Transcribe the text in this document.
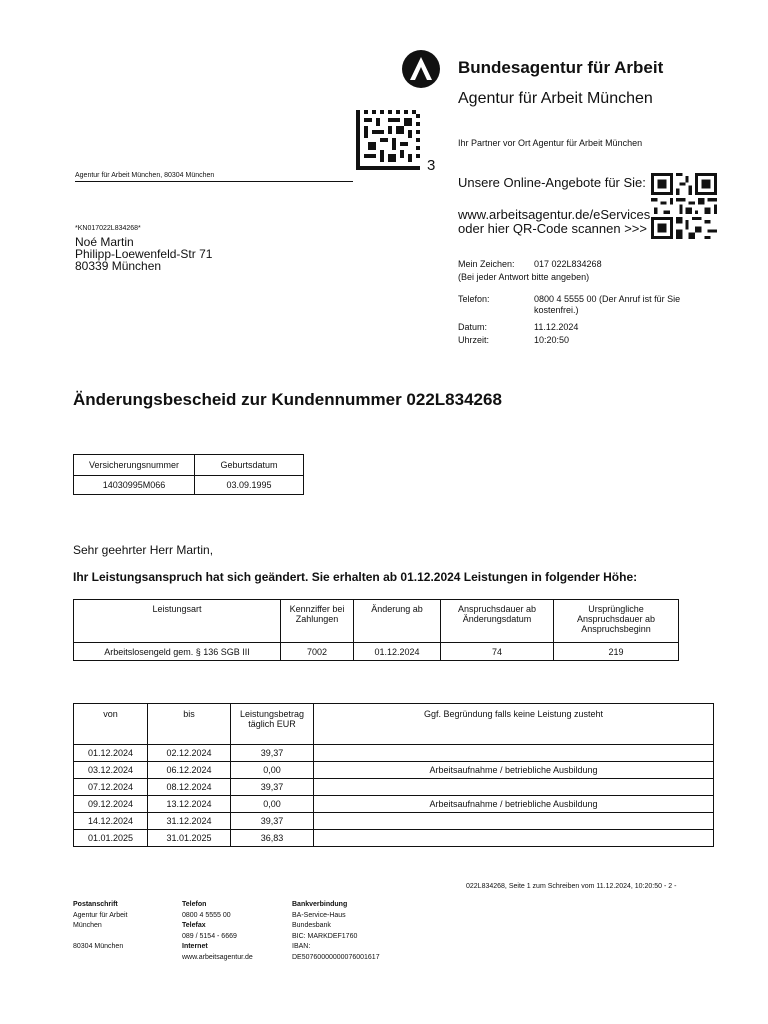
Bundesagentur für Arbeit
Agentur für Arbeit München
Ihr Partner vor Ort Agentur für Arbeit München
3
Unsere Online-Angebote für Sie:
www.arbeitsagentur.de/eServices
oder hier QR-Code scannen >>>
Agentur für Arbeit München, 80304 München
*KN017022L834268*
Noé Martin
Philipp-Loewenfeld-Str 71
80339 München	Mein Zeichen: 017 022L834268
(Bei jeder Antwort bitte angeben)
Telefon:	0800 4 5555 00 (Der Anruf ist für Sie
kostenfrei.)
Datum:	11.12.2024
Uhrzeit:	10:20:50
Änderungsbescheid zur Kundennummer 022L834268
Versicherungsnummer	Geburtsdatum
14030995M066	03.09.1995
Sehr geehrter Herr Martin,
Ihr Leistungsanspruch hat sich geändert. Sie erhalten ab 01.12.2024 Leistungen in folgender Höhe:
Leistungsart	Kennziffer bei Zahlungen	Änderung ab	Anspruchsdauer ab Änderungsdatum	Ursprüngliche Anspruchsdauer ab Anspruchsbeginn
Arbeitslosengeld gem. § 136 SGB III	7002	01.12.2024	74	219
von	bis	Leistungsbetrag täglich EUR	Ggf. Begründung falls keine Leistung zusteht
01.12.2024	02.12.2024	39,37	
03.12.2024	06.12.2024	0,00	Arbeitsaufnahme / betriebliche Ausbildung
07.12.2024	08.12.2024	39,37	
09.12.2024	13.12.2024	0,00	Arbeitsaufnahme / betriebliche Ausbildung
14.12.2024	31.12.2024	39,37	
01.01.2025	31.01.2025	36,83	
022L834268, Seite 1 zum Schreiben vom 11.12.2024, 10:20:50 - 2 -
Postanschrift
Agentur für Arbeit
München
80304 München
Telefon
0800 4 5555 00
Telefax
089 / 5154 - 6669
Internet
www.arbeitsagentur.de
Bankverbindung
BA-Service-Haus
Bundesbank
BIC: MARKDEF1760
IBAN:
DE50760000000076001617
